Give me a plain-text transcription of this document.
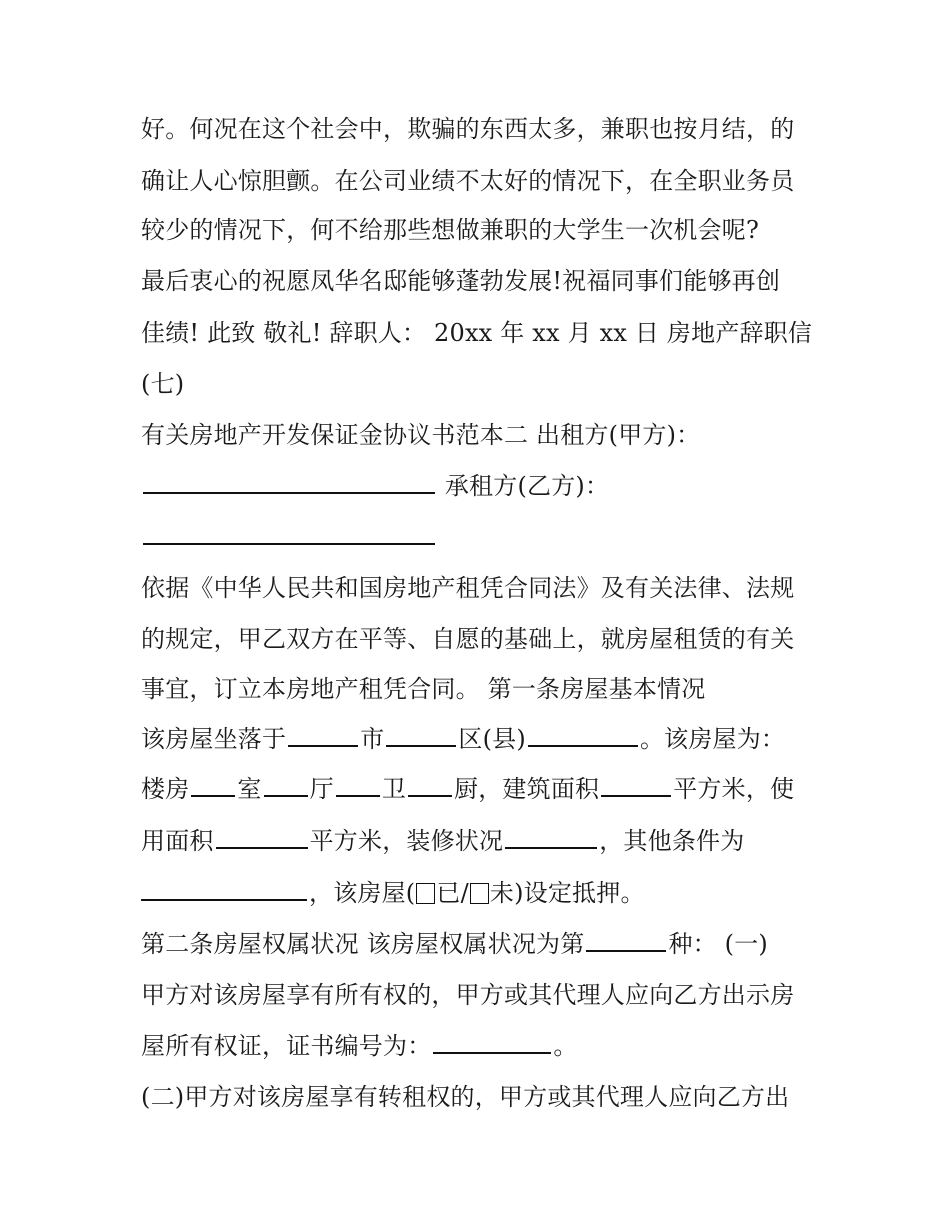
好。何况在这个社会中，欺骗的东西太多，兼职也按月结，的
确让人心惊胆颤。在公司业绩不太好的情况下，在全职业务员
较少的情况下，何不给那些想做兼职的大学生一次机会呢?
最后衷心的祝愿凤华名邸能够蓬勃发展!祝福同事们能够再创
佳绩! 此致 敬礼! 辞职人： 20xx 年 xx 月 xx 日 房地产辞职信
(七)
有关房地产开发保证金协议书范本二 出租方(甲方)：
承租方(乙方)：
依据《中华人民共和国房地产租凭合同法》及有关法律、法规
的规定，甲乙双方在平等、自愿的基础上，就房屋租赁的有关
事宜，订立本房地产租凭合同。 第一条房屋基本情况
该房屋坐落于	市	区(县)	。该房屋为：
楼房 室 厅 卫 厨，建筑面积	平方米，使
用面积	平方米，装修状况	，其他条件为
，该房屋( 已/ 未)设定抵押。
第二条房屋权属状况 该房屋权属状况为第	种： (一)
甲方对该房屋享有所有权的，甲方或其代理人应向乙方出示房
屋所有权证，证书编号为：	。
(二)甲方对该房屋享有转租权的，甲方或其代理人应向乙方出
